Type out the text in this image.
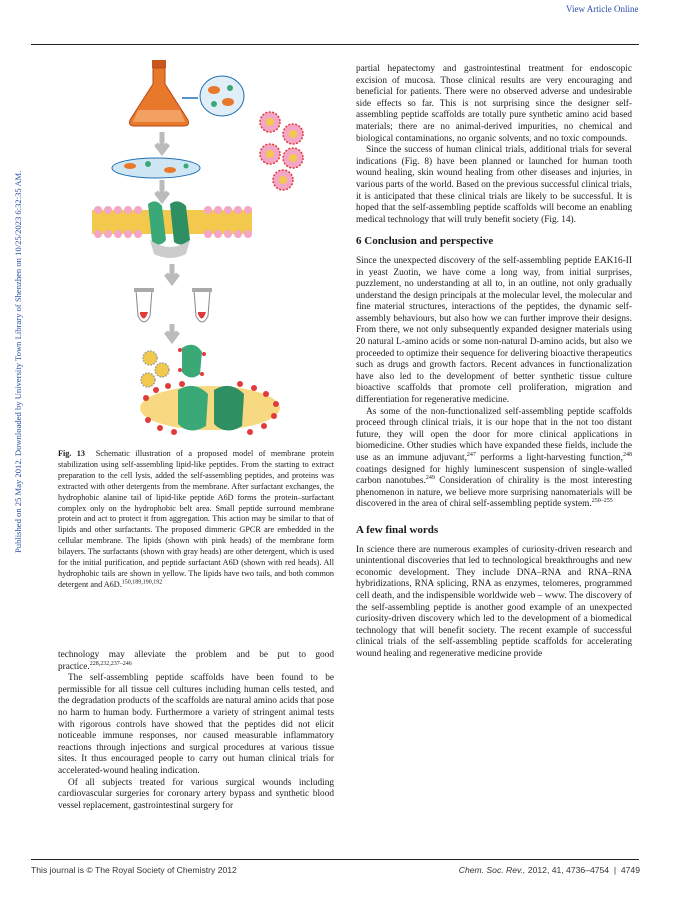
View Article Online
Published on 25 May 2012. Downloaded by University Town Library of Shenzhen on 10/25/2023 6:32:35 AM.	Fig. 13 Schematic illustration of a proposed model of membrane protein stabilization using self-assembling lipid-like peptides. From the starting to extract preparation to the cell lysis, added the self-assembling peptides, and proteins was extracted with other detergents from the membrane. After surfactant exchanges, the hydrophobic alanine tail of lipid-like peptide A6D forms the protein–surfactant complex only on the hydrophobic belt area. Small peptide surround membrane protein and act to protect it from aggregation. This action may be similar to that of lipids and other surfactants. The proposed dimmeric GPCR are embedded in the cellular membrane. The lipids (shown with pink heads) of the membrane form bilayers. The surfactants (shown with gray heads) are other detergent, which is used for the initial purification, and peptide surfactant A6D (shown with red heads). All hydrophobic tails are shown in yellow. The lipids have two tails, and both common detergent and A6D.$^{150,189,190,192}$

technology may alleviate the problem and be put to good practice.$^{228,232,237-246}$

The self-assembling peptide scaffolds have been found to be permissible for all tissue cell cultures including human cells tested, and the degradation products of the scaffolds are natural amino acids that pose no harm to human body. Furthermore a variety of stringent animal tests with rigorous controls have showed that the peptides did not elicit noticeable immune responses, nor caused measurable inflammatory reactions through injections and surgical procedures at various tissue sites. It thus encouraged people to carry out human clinical trials for accelerated-wound healing indication.

Of all subjects treated for various surgical wounds including cardiovascular surgeries for coronary artery bypass and synthetic blood vessel replacement, gastrointestinal surgery for

partial hepatectomy and gastrointestinal treatment for endoscopic excision of mucosa. Those clinical results are very encouraging and beneficial for patients. There were no observed adverse and undesirable side effects so far. This is not surprising since the designer self-assembling peptide scaffolds are totally pure synthetic amino acid based materials; there are no animal-derived impurities, no chemical and biological contaminations, no organic solvents, and no toxic compounds.

Since the success of human clinical trials, additional trials for several indications (Fig. 8) have been planned or launched for human tooth wound healing, skin wound healing from other diseases and injuries, in various parts of the world. Based on the previous successful clinical trials, it is anticipated that these clinical trials are likely to be successful. It is hoped that the self-assembling peptide scaffolds will become an enabling medical technology that will truly benefit society (Fig. 14).

6 Conclusion and perspective

Since the unexpected discovery of the self-assembling peptide EAK16-II in yeast Zuotin, we have come a long way, from initial surprises, puzzlement, no understanding at all to, in an outline, not only gradually understand the design principals at the molecular level, the molecular and fine material structures, interactions of the peptides, the dynamic self-assembly behaviours, but also how we can further improve their designs. From there, we not only subsequently expanded designer materials using 20 natural L-amino acids or some non-natural D-amino acids, but also we proceeded to optimize their sequence for delivering bioactive therapeutics such as drugs and growth factors. Recent advances in functionalization have also led to the development of better synthetic tissue culture bioactive scaffolds that promote cell proliferation, migration and differentiation for regenerative medicine.

As some of the non-functionalized self-assembling peptide scaffolds proceed through clinical trials, it is our hope that in the not too distant future, they will open the door for more clinical applications in biomedicine. Other studies which have expanded these fields, include the use as an immune adjuvant,$^{247}$ performs a light-harvesting function,$^{248}$ coatings designed for highly luminescent suspension of single-walled carbon nanotubes.$^{249}$ Consideration of chirality is the most interesting phenomenon in nature, we believe more surprising nanomaterials will be discovered in the area of chiral self-assembling peptide system.$^{250-255}$

A few final words

In science there are numerous examples of curiosity-driven research and unintentional discoveries that led to technological breakthroughs and new economic development. They include DNA–RNA and RNA–RNA hybridizations, RNA splicing, RNA as enzymes, telomeres, programmed cell death, and the indispensible worldwide web – www. The discovery of the self-assembling peptide is another good example of an unexpected curiosity-driven discovery which led to the development of a biomedical technology that will benefit society. The recent example of successful clinical trials of the self-assembling peptide scaffolds for accelerating wound healing and regenerative medicine provide

This journal is © The Royal Society of Chemistry 2012	Chem. Soc. Rev., 2012, 41, 4736–4754  |  4749
